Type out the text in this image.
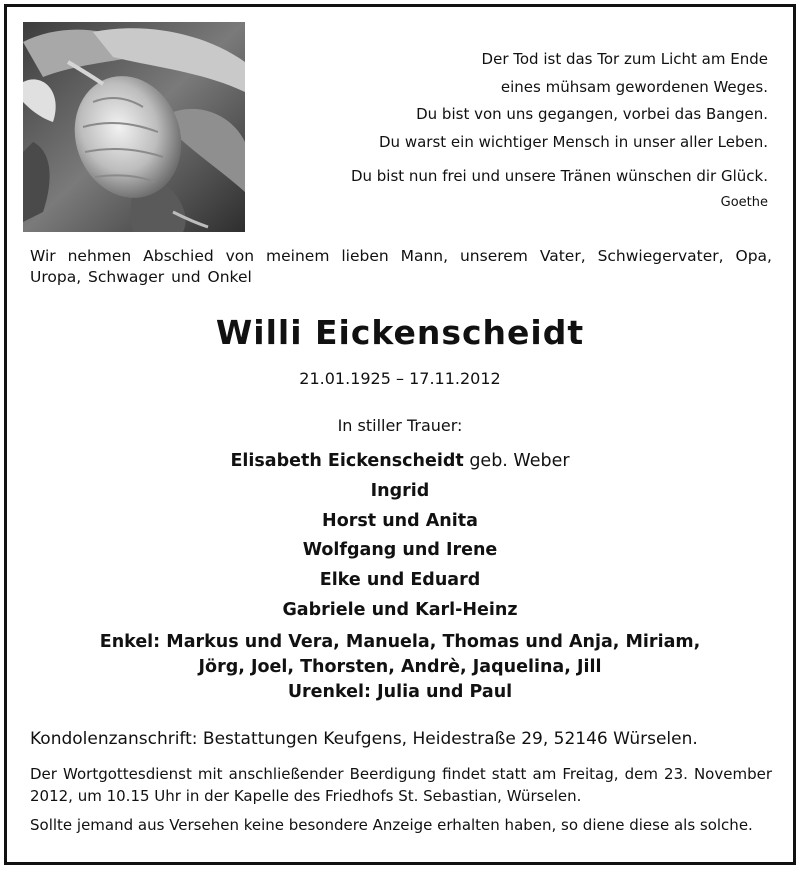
Der Tod ist das Tor zum Licht am Ende
eines mühsam gewordenen Weges.
Du bist von uns gegangen, vorbei das Bangen.
Du warst ein wichtiger Mensch in unser aller Leben.
Du bist nun frei und unsere Tränen wünschen dir Glück.
Goethe
Wir nehmen Abschied von meinem lieben Mann, unserem Vater, Schwiegervater, Opa, Uropa, Schwager und Onkel
Willi Eickenscheidt
21.01.1925 – 17.11.2012
In stiller Trauer:
Elisabeth Eickenscheidt geb. Weber
Ingrid
Horst und Anita
Wolfgang und Irene
Elke und Eduard
Gabriele und Karl-Heinz
Enkel: Markus und Vera, Manuela, Thomas und Anja, Miriam,
Jörg, Joel, Thorsten, Andrè, Jaquelina, Jill
Urenkel: Julia und Paul
Kondolenzanschrift: Bestattungen Keufgens, Heidestraße 29, 52146 Würselen.
Der Wortgottesdienst mit anschließender Beerdigung findet statt am Freitag, dem 23. November 2012, um 10.15 Uhr in der Kapelle des Friedhofs St. Sebastian, Würselen.
Sollte jemand aus Versehen keine besondere Anzeige erhalten haben, so diene diese als solche.
